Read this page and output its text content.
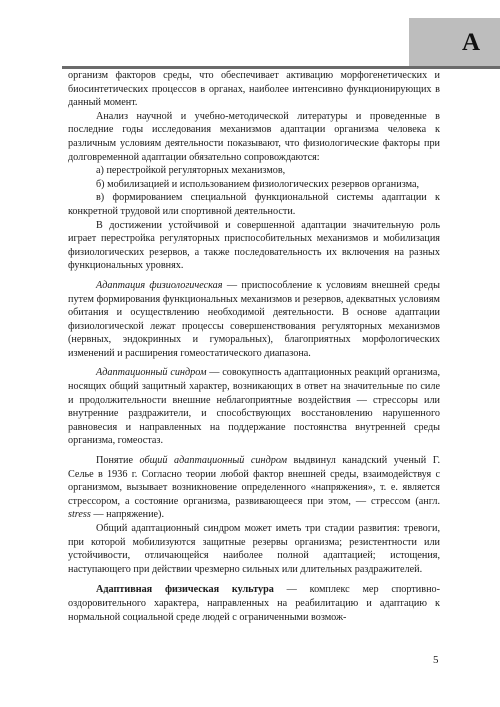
А

организм факторов среды, что обеспечивает активацию морфогенетических и биосинтетических процессов в органах, наиболее интенсивно функционирующих в данный момент.

Анализ научной и учебно-методической литературы и проведенные в последние годы исследования механизмов адаптации организма человека к различным условиям деятельности показывают, что физиологические факторы при долговременной адаптации обязательно сопровождаются:

а) перестройкой регуляторных механизмов,

б) мобилизацией и использованием физиологических резервов организма,

в) формированием специальной функциональной системы адаптации к конкретной трудовой или спортивной деятельности.

В достижении устойчивой и совершенной адаптации значительную роль играет перестройка регуляторных приспособительных механизмов и мобилизация физиологических резервов, а также последовательность их включения на разных функциональных уровнях.

Адаптация физиологическая — приспособление к условиям внешней среды путем формирования функциональных механизмов и резервов, адекватных условиям обитания и осуществлению необходимой деятельности. В основе адаптации физиологической лежат процессы совершенствования регуляторных механизмов (нервных, эндокринных и гуморальных), благоприятных морфологических изменений и расширения гомеостатического диапазона.

Адаптационный синдром — совокупность адаптационных реакций организма, носящих общий защитный характер, возникающих в ответ на значительные по силе и продолжительности внешние неблагоприятные воздействия — стрессоры или внутренние раздражители, и способствующих восстановлению нарушенного равновесия и направленных на поддержание постоянства внутренней среды организма, гомеостаз.

Понятие общий адаптационный синдром выдвинул канадский ученый Г. Селье в 1936 г. Согласно теории любой фактор внешней среды, взаимодействуя с организмом, вызывает возникновение определенного «напряжения», т. е. является стрессором, а состояние организма, развивающееся при этом, — стрессом (англ. stress — напряжение).

Общий адаптационный синдром может иметь три стадии развития: тревоги, при которой мобилизуются защитные резервы организма; резистентности или устойчивости, отличающейся наиболее полной адаптацией; истощения, наступающего при действии чрезмерно сильных или длительных раздражителей.

Адаптивная физическая культура — комплекс мер спортивно-оздоровительного характера, направленных на реабилитацию и адаптацию к нормальной социальной среде людей с ограниченными возмож-

5
